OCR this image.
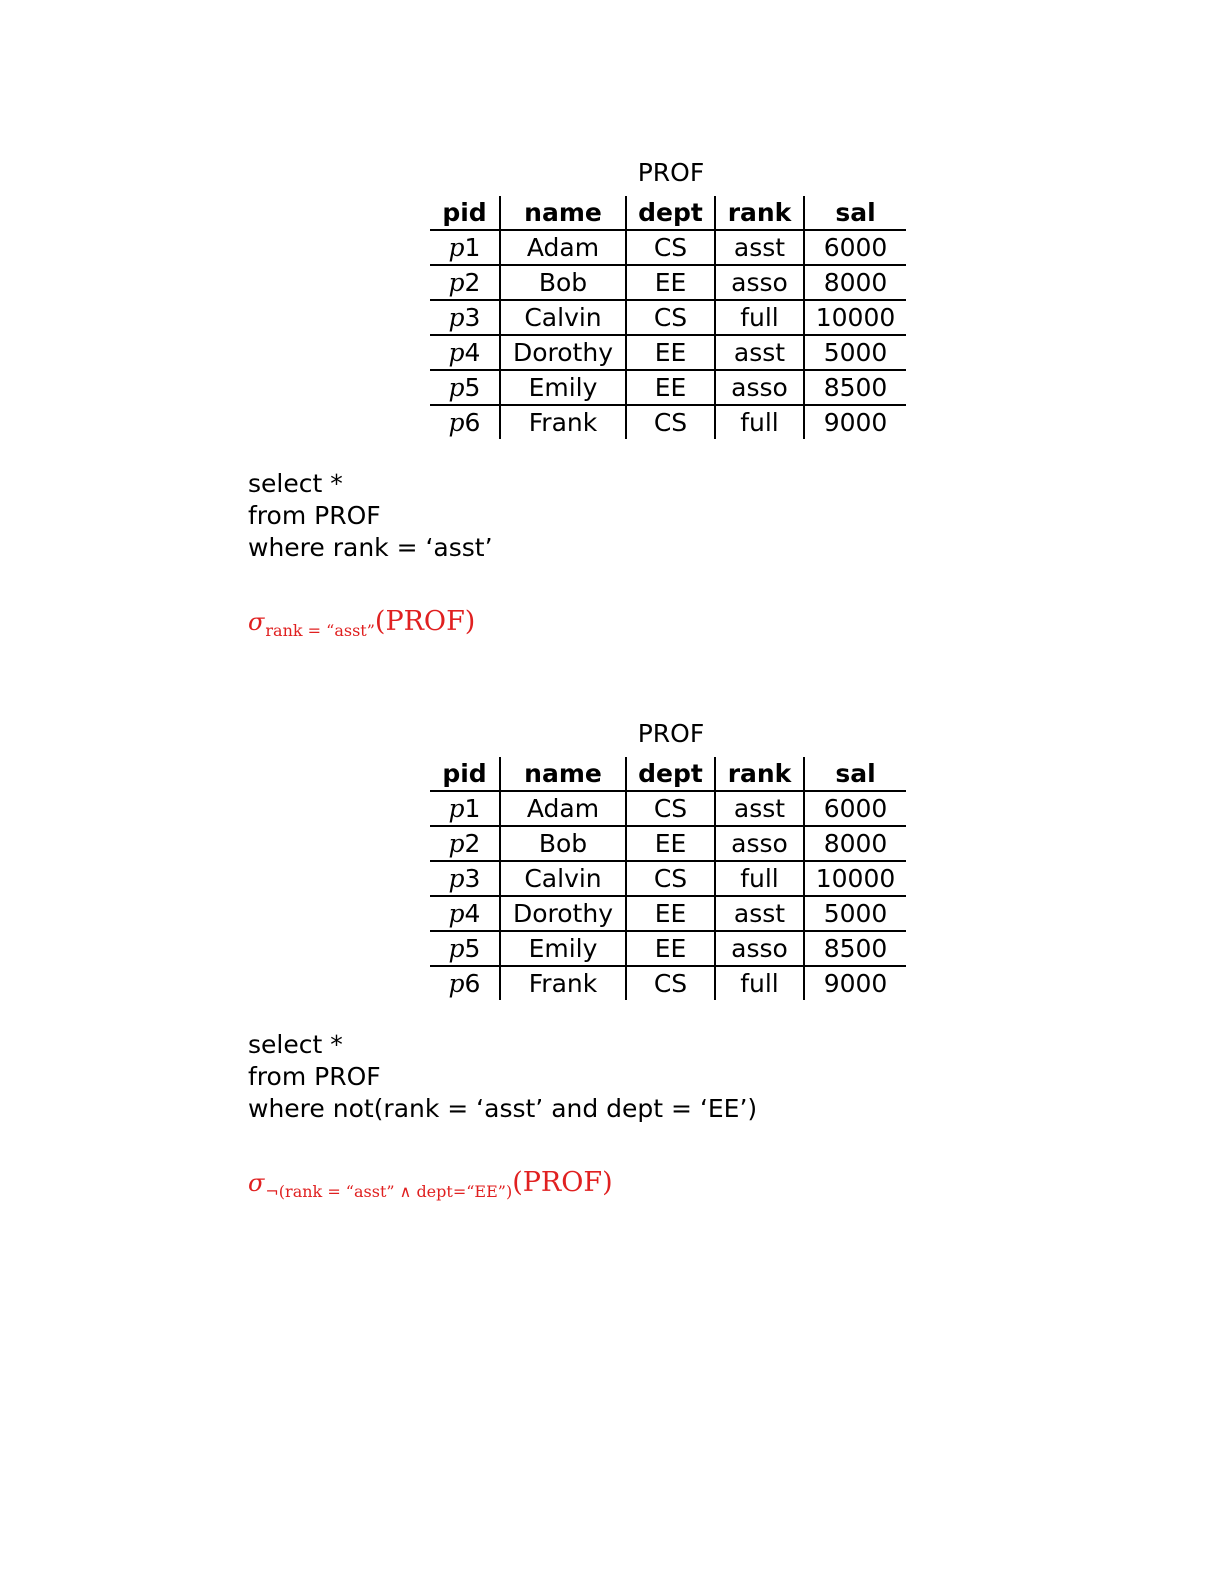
PROF
pid	name	dept	rank	sal
p1	Adam	CS	asst	6000
p2	Bob	EE	asso	8000
p3	Calvin	CS	full	10000
p4	Dorothy	EE	asst	5000
p5	Emily	EE	asso	8500
p6	Frank	CS	full	9000
select *
from PROF
where rank = ‘asst’
σrank = “asst”(PROF)
PROF
pid	name	dept	rank	sal
p1	Adam	CS	asst	6000
p2	Bob	EE	asso	8000
p3	Calvin	CS	full	10000
p4	Dorothy	EE	asst	5000
p5	Emily	EE	asso	8500
p6	Frank	CS	full	9000
select *
from PROF
where not(rank = ‘asst’ and dept = ‘EE’)
σ¬(rank = “asst” ∧ dept=“EE”)(PROF)
